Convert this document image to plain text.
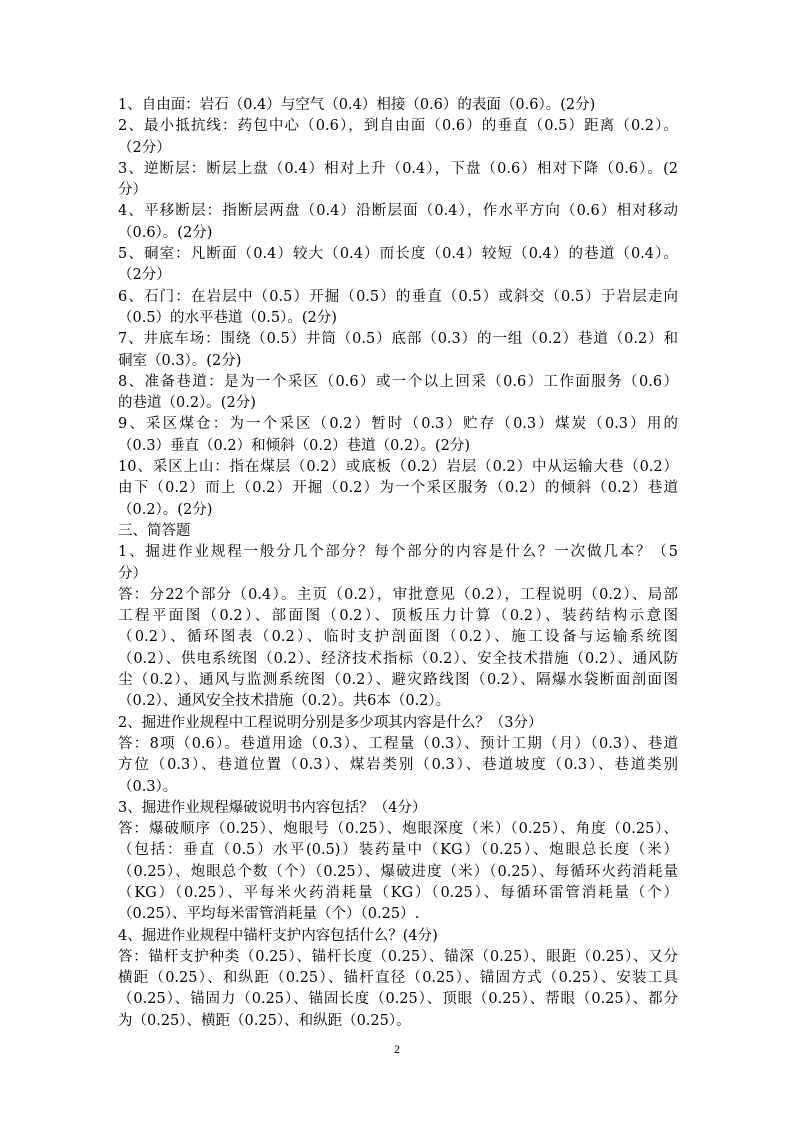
1、自由面：岩石（0.4）与空气（0.4）相接（0.6）的表面（0.6）。(2分)
2、最小抵抗线：药包中心（0.6），到自由面（0.6）的垂直（0.5）距离（0.2）。
（2分）
3、逆断层：断层上盘（0.4）相对上升（0.4），下盘（0.6）相对下降（0.6）。(2
分）
4、平移断层：指断层两盘（0.4）沿断层面（0.4），作水平方向（0.6）相对移动
（0.6）。(2分)
5、硐室：凡断面（0.4）较大（0.4）而长度（0.4）较短（0.4）的巷道（0.4）。
（2分）
6、石门：在岩层中（0.5）开掘（0.5）的垂直（0.5）或斜交（0.5）于岩层走向
（0.5）的水平巷道（0.5）。(2分)
7、井底车场：围绕（0.5）井筒（0.5）底部（0.3）的一组（0.2）巷道（0.2）和
硐室（0.3）。(2分)
8、准备巷道：是为一个采区（0.6）或一个以上回采（0.6）工作面服务（0.6）
的巷道（0.2）。(2分)
9、采区煤仓：为一个采区（0.2）暂时（0.3）贮存（0.3）煤炭（0.3）用的
（0.3）垂直（0.2）和倾斜（0.2）巷道（0.2）。(2分)
10、采区上山：指在煤层（0.2）或底板（0.2）岩层（0.2）中从运输大巷（0.2）
由下（0.2）而上（0.2）开掘（0.2）为一个采区服务（0.2）的倾斜（0.2）巷道
（0.2）。(2分)
三、简答题
1、掘进作业规程一般分几个部分？每个部分的内容是什么？一次做几本？（5
分）
答：分22个部分（0.4）。主页（0.2），审批意见（0.2），工程说明（0.2）、局部
工程平面图（0.2）、部面图（0.2）、顶板压力计算（0.2）、装药结构示意图
（0.2）、循环图表（0.2）、临时支护剖面图（0.2）、施工设备与运输系统图
（0.2）、供电系统图（0.2）、经济技术指标（0.2）、安全技术措施（0.2）、通风防
尘（0.2）、通风与监测系统图（0.2）、避灾路线图（0.2）、隔爆水袋断面剖面图
（0.2）、通风安全技术措施（0.2）。共6本（0.2）。
2、掘进作业规程中工程说明分别是多少项其内容是什么？（3分）
答：8项（0.6）。巷道用途（0.3）、工程量（0.3）、预计工期（月）（0.3）、巷道
方位（0.3）、巷道位置（0.3）、煤岩类别（0.3）、巷道坡度（0.3）、巷道类别
（0.3）。
3、掘进作业规程爆破说明书内容包括？（4分）
答：爆破顺序（0.25）、炮眼号（0.25）、炮眼深度（米）（0.25）、角度（0.25）、
（包括：垂直（0.5）水平(0.5)）装药量中（KG）（0.25）、炮眼总长度（米）
（0.25）、炮眼总个数（个）（0.25）、爆破进度（米）（0.25）、每循环火药消耗量
（KG）（0.25）、平每米火药消耗量（KG）（0.25）、每循环雷管消耗量（个）
（0.25）、平均每米雷管消耗量（个）（0.25）.
4、掘进作业规程中锚杆支护内容包括什么？(4分)
答：锚杆支护种类（0.25）、锚杆长度（0.25）、锚深（0.25）、眼距（0.25）、又分
横距（0.25）、和纵距（0.25）、锚杆直径（0.25）、锚固方式（0.25）、安装工具
（0.25）、锚固力（0.25）、锚固长度（0.25）、顶眼（0.25）、帮眼（0.25）、都分
为（0.25）、横距（0.25）、和纵距（0.25）。
2
